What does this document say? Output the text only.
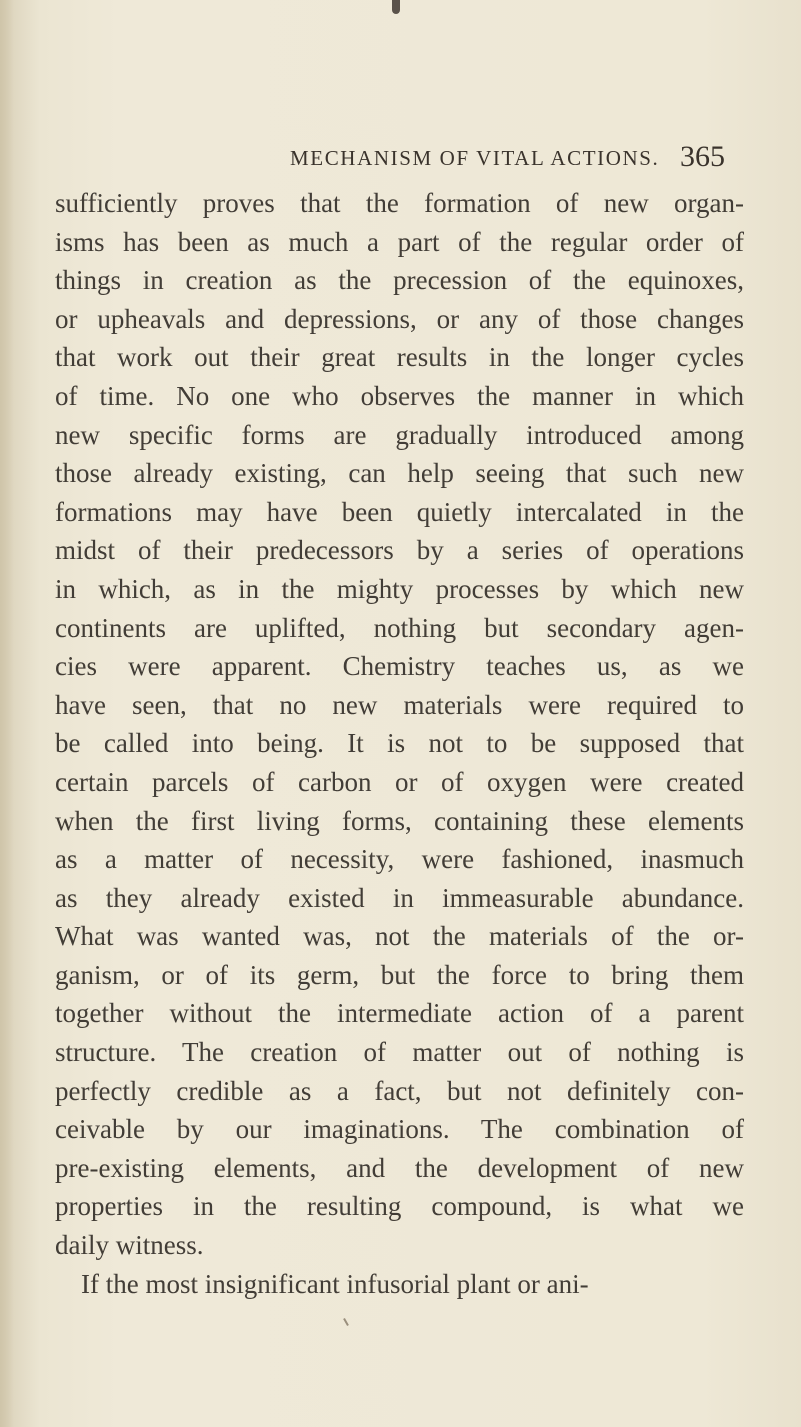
MECHANISM OF VITAL ACTIONS. 365
sufficiently proves that the formation of new organ-
isms has been as much a part of the regular order of
things in creation as the precession of the equinoxes,
or upheavals and depressions, or any of those changes
that work out their great results in the longer cycles
of time. No one who observes the manner in which
new specific forms are gradually introduced among
those already existing, can help seeing that such new
formations may have been quietly intercalated in the
midst of their predecessors by a series of operations
in which, as in the mighty processes by which new
continents are uplifted, nothing but secondary agen-
cies were apparent. Chemistry teaches us, as we
have seen, that no new materials were required to
be called into being. It is not to be supposed that
certain parcels of carbon or of oxygen were created
when the first living forms, containing these elements
as a matter of necessity, were fashioned, inasmuch
as they already existed in immeasurable abundance.
What was wanted was, not the materials of the or-
ganism, or of its germ, but the force to bring them
together without the intermediate action of a parent
structure. The creation of matter out of nothing is
perfectly credible as a fact, but not definitely con-
ceivable by our imaginations. The combination of
pre-existing elements, and the development of new
properties in the resulting compound, is what we
daily witness.
If the most insignificant infusorial plant or ani-
